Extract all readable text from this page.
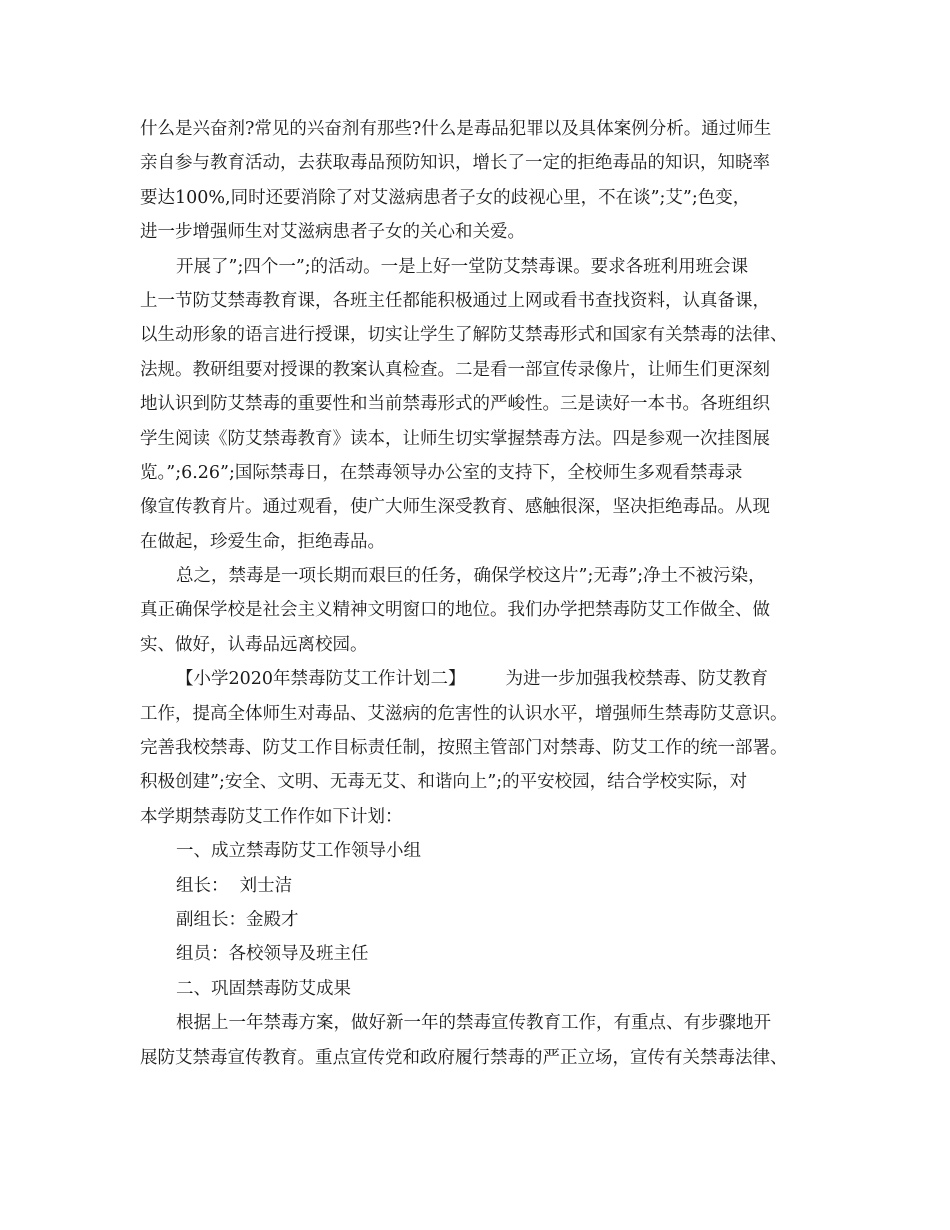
什么是兴奋剂?常见的兴奋剂有那些?什么是毒品犯罪以及具体案例分析。通过师生
亲自参与教育活动，去获取毒品预防知识，增长了一定的拒绝毒品的知识，知晓率
要达100%,同时还要消除了对艾滋病患者子女的歧视心里，不在谈”;艾”;色变，
进一步增强师生对艾滋病患者子女的关心和关爱。
开展了”;四个一”;的活动。一是上好一堂防艾禁毒课。要求各班利用班会课
上一节防艾禁毒教育课，各班主任都能积极通过上网或看书查找资料，认真备课，
以生动形象的语言进行授课，切实让学生了解防艾禁毒形式和国家有关禁毒的法律、
法规。教研组要对授课的教案认真检查。二是看一部宣传录像片，让师生们更深刻
地认识到防艾禁毒的重要性和当前禁毒形式的严峻性。三是读好一本书。各班组织
学生阅读《防艾禁毒教育》读本，让师生切实掌握禁毒方法。四是参观一次挂图展
览。”;6.26”;国际禁毒日，在禁毒领导办公室的支持下，全校师生多观看禁毒录
像宣传教育片。通过观看，使广大师生深受教育、感触很深，坚决拒绝毒品。从现
在做起，珍爱生命，拒绝毒品。
总之，禁毒是一项长期而艰巨的任务，确保学校这片”;无毒”;净土不被污染，
真正确保学校是社会主义精神文明窗口的地位。我们办学把禁毒防艾工作做全、做
实、做好，认毒品远离校园。
【小学2020年禁毒防艾工作计划二】 为进一步加强我校禁毒、防艾教育
工作，提高全体师生对毒品、艾滋病的危害性的认识水平，增强师生禁毒防艾意识。
完善我校禁毒、防艾工作目标责任制，按照主管部门对禁毒、防艾工作的统一部署。
积极创建”;安全、文明、无毒无艾、和谐向上”;的平安校园，结合学校实际，对
本学期禁毒防艾工作作如下计划：
一、成立禁毒防艾工作领导小组
组长：  刘士洁
副组长：金殿才
组员：各校领导及班主任
二、巩固禁毒防艾成果
根据上一年禁毒方案，做好新一年的禁毒宣传教育工作，有重点、有步骤地开
展防艾禁毒宣传教育。重点宣传党和政府履行禁毒的严正立场，宣传有关禁毒法律、
